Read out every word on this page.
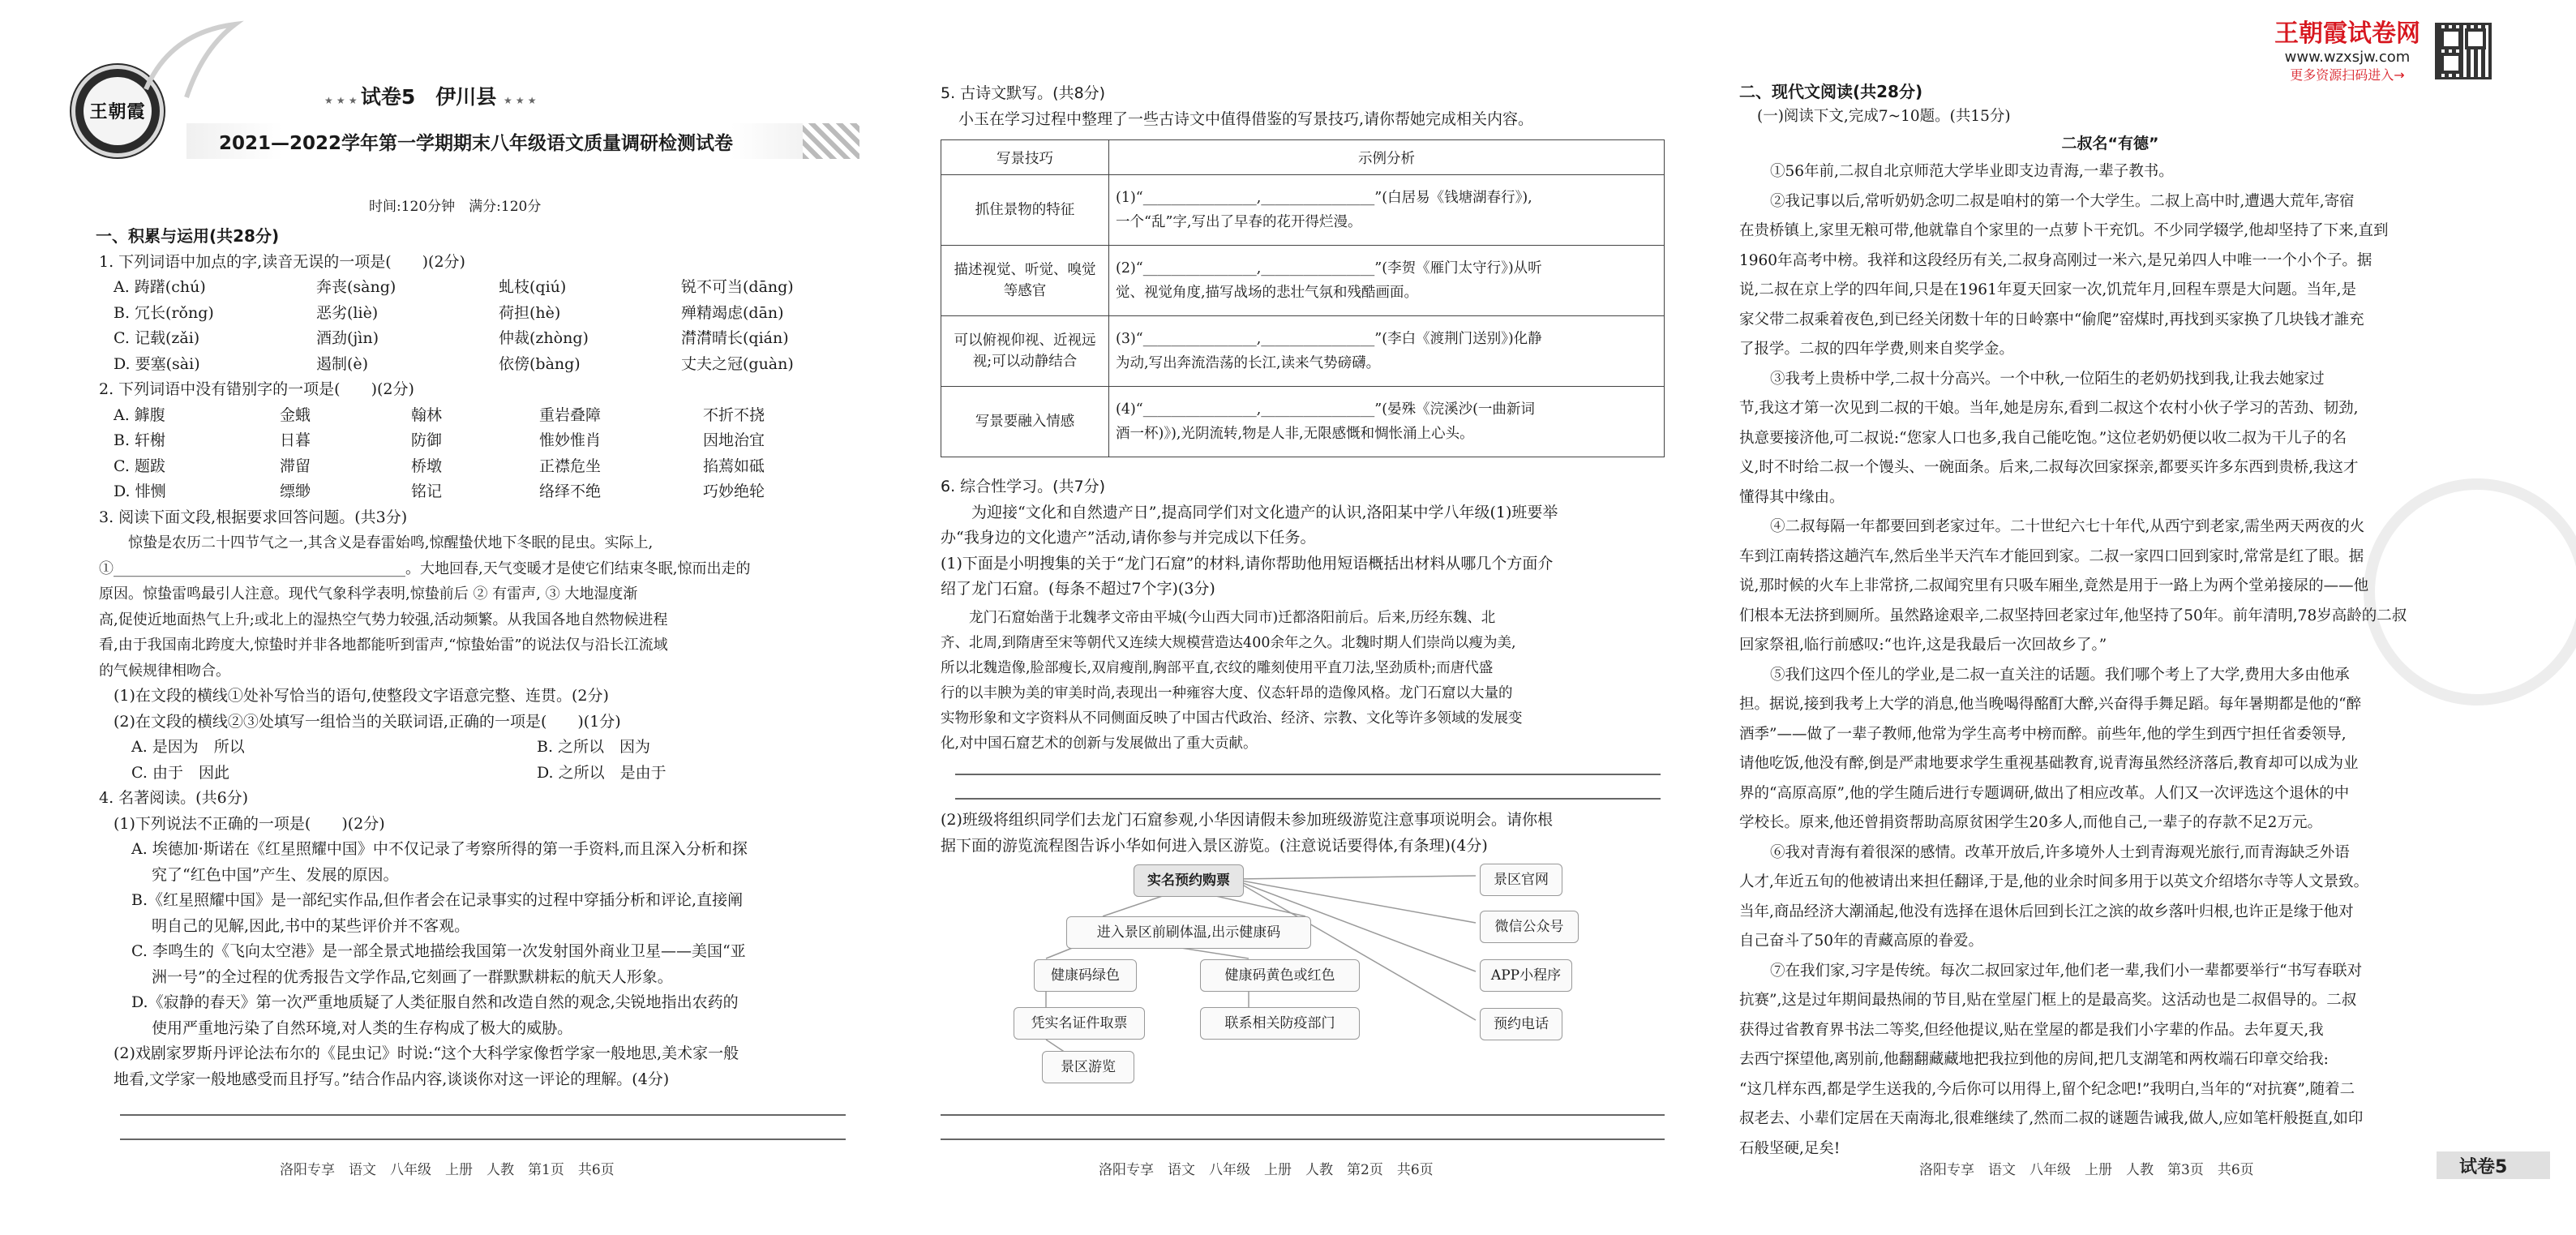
王朝霞
★ ★ ★ 试卷5　伊川县 ★ ★ ★
2021—2022学年第一学期期末八年级语文质量调研检测试卷
时间:120分钟　满分:120分
一、积累与运用(共28分)

1. 下列词语中加点的字,读音无误的一项是(　　)(2分)

A. 踌躇(chú)	奔丧(sàng)	虬枝(qiú)	锐不可当(dāng)
B. 冗长(rǒng)	恶劣(liè)	荷担(hè)	殚精竭虑(dān)
C. 记载(zǎi)	酒劲(jìn)	仲裁(zhòng)	潸潸晴长(qián)
D. 要塞(sài)	遏制(è)	依傍(bàng)	丈夫之冠(guàn)

2. 下列词语中没有错别字的一项是(　　)(2分)

A. 鎼腹	金蛾	翰林	重岩叠障	不折不挠
B. 轩榭	日暮	防御	惟妙惟肖	因地治宜
C. 题跋	滞留	桥墩	正襟危坐	掐蔫如砥
D. 悱恻	缥缈	铭记	络绎不绝	巧妙绝轮

3. 阅读下面文段,根据要求回答问题。(共3分)

　　惊蛰是农历二十四节气之一,其含义是春雷始鸣,惊醒蛰伏地下冬眠的昆虫。实际上,
①________________________________________。大地回春,天气变暖才是使它们结束冬眠,惊而出走的
原因。惊蛰雷鸣最引人注意。现代气象科学表明,惊蛰前后 ② 有雷声, ③ 大地湿度渐
高,促使近地面热气上升;或北上的湿热空气势力较强,活动频繁。从我国各地自然物候进程
看,由于我国南北跨度大,惊蛰时并非各地都能听到雷声,“惊蛰始雷”的说法仅与沿长江流域
的气候规律相吻合。

(1)在文段的横线①处补写恰当的语句,使整段文字语意完整、连贯。(2分)

(2)在文段的横线②③处填写一组恰当的关联词语,正确的一项是(　　)(1分)

A. 是因为　所以	B. 之所以　因为
C. 由于　因此	D. 之所以　是由于

4. 名著阅读。(共6分)

(1)下列说法不正确的一项是(　　)(2分)

A. 埃德加·斯诺在《红星照耀中国》中不仅记录了考察所得的第一手资料,而且深入分析和探
　 究了“红色中国”产生、发展的原因。
B.《红星照耀中国》是一部纪实作品,但作者会在记录事实的过程中穿插分析和评论,直接阐
　 明自己的见解,因此,书中的某些评价并不客观。
C. 李鸣生的《飞向太空港》是一部全景式地描绘我国第一次发射国外商业卫星——美国“亚
　 洲一号”的全过程的优秀报告文学作品,它刻画了一群默默耕耘的航天人形象。
D.《寂静的春天》第一次严重地质疑了人类征服自然和改造自然的观念,尖锐地指出农药的
　 使用严重地污染了自然环境,对人类的生存构成了极大的威胁。
(2)戏剧家罗斯丹评论法布尔的《昆虫记》时说:“这个大科学家像哲学家一般地思,美术家一般
地看,文学家一般地感受而且抒写。”结合作品内容,谈谈你对这一评论的理解。(4分)
洛阳专享　语文　八年级　上册　人教　第1页　共6页

5. 古诗文默写。(共8分)

小玉在学习过程中整理了一些古诗文中值得借鉴的写景技巧,请你帮她完成相关内容。

写景技巧	示例分析
抓住景物的特征	(1)“________________,________________”(白居易《钱塘湖春行》),
一个“乱”字,写出了早春的花开得烂漫。

描述视觉、听觉、嗅觉等感官	(2)“________________,________________”(李贺《雁门太守行》)从听
觉、视觉角度,描写战场的悲壮气氛和残酷画面。

可以俯视仰视、近视远视;可以动静结合	(3)“________________,________________”(李白《渡荆门送别》)化静
为动,写出奔流浩荡的长江,读来气势磅礴。

写景要融入情感	(4)“________________,________________”(晏殊《浣溪沙(一曲新词
酒一杯)》),光阴流转,物是人非,无限感慨和惆怅涌上心头。

6. 综合性学习。(共7分)

　　为迎接“文化和自然遗产日”,提高同学们对文化遗产的认识,洛阳某中学八年级(1)班要举
办“我身边的文化遗产”活动,请你参与并完成以下任务。
(1)下面是小明搜集的关于“龙门石窟”的材料,请你帮助他用短语概括出材料从哪几个方面介
绍了龙门石窟。(每条不超过7个字)(3分)
　　龙门石窟始凿于北魏孝文帝由平城(今山西大同市)迁都洛阳前后。后来,历经东魏、北
齐、北周,到隋唐至宋等朝代又连续大规模营造达400余年之久。北魏时期人们崇尚以瘦为美,
所以北魏造像,脸部瘦长,双肩瘦削,胸部平直,衣纹的雕刻使用平直刀法,坚劲质朴;而唐代盛
行的以丰腴为美的审美时尚,表现出一种雍容大度、仪态轩昂的造像风格。龙门石窟以大量的
实物形象和文字资料从不同侧面反映了中国古代政治、经济、宗教、文化等许多领域的发展变
化,对中国石窟艺术的创新与发展做出了重大贡献。
(2)班级将组织同学们去龙门石窟参观,小华因请假未参加班级游览注意事项说明会。请你根
据下面的游览流程图告诉小华如何进入景区游览。(注意说话要得体,有条理)(4分)
实名预约购票	景区官网
微信公众号
APP小程序
预约电话
进入景区前刷体温,出示健康码
健康码绿色	健康码黄色或红色
凭实名证件取票	联系相关防疫部门
景区游览
洛阳专享　语文　八年级　上册　人教　第2页　共6页
王朝霞试卷网
www.wzxsjw.com
更多资源扫码进入→
二、现代文阅读(共28分)
(一)阅读下文,完成7~10题。(共15分)
二叔名“有德”
①56年前,二叔自北京师范大学毕业即支边青海,一辈子教书。
②我记事以后,常听奶奶念叨二叔是咱村的第一个大学生。二叔上高中时,遭遇大荒年,寄宿
在贵桥镇上,家里无粮可带,他就靠自个家里的一点萝卜干充饥。不少同学辍学,他却坚持了下来,直到
1960年高考中榜。我祥和这段经历有关,二叔身高刚过一米六,是兄弟四人中唯一一个小个子。据
说,二叔在京上学的四年间,只是在1961年夏天回家一次,饥荒年月,回程车票是大问题。当年,是
家父带二叔乘着夜色,到已经关闭数十年的日岭寨中“偷爬”窑煤时,再找到买家换了几块钱才誰充
了报学。二叔的四年学费,则来自奖学金。
③我考上贵桥中学,二叔十分高兴。一个中秋,一位陌生的老奶奶找到我,让我去她家过
节,我这才第一次见到二叔的干娘。当年,她是房东,看到二叔这个农村小伙子学习的苦劲、韧劲,
执意要接济他,可二叔说:“您家人口也多,我自己能吃饱。”这位老奶奶便以收二叔为干儿子的名
义,时不时给二叔一个馒头、一碗面条。后来,二叔每次回家探亲,都要买许多东西到贵桥,我这才
懂得其中缘由。
④二叔每隔一年都要回到老家过年。二十世纪六七十年代,从西宁到老家,需坐两天两夜的火
车到江南转搭这趟汽车,然后坐半天汽车才能回到家。二叔一家四口回到家时,常常是红了眼。据
说,那时候的火车上非常挤,二叔闻究里有只吸车厢坐,竟然是用于一路上为两个堂弟接尿的——他
们根本无法挤到厕所。虽然路途艰辛,二叔坚持回老家过年,他坚持了50年。前年清明,78岁高龄的二叔
回家祭祖,临行前感叹:“也许,这是我最后一次回故乡了。”
⑤我们这四个侄儿的学业,是二叔一直关注的话题。我们哪个考上了大学,费用大多由他承
担。据说,接到我考上大学的消息,他当晚喝得酩酊大醉,兴奋得手舞足蹈。每年暑期都是他的“醉
酒季”——做了一辈子教师,他常为学生高考中榜而醉。前些年,他的学生到西宁担任省委领导,
请他吃饭,他没有醉,倒是严肃地要求学生重视基础教育,说青海虽然经济落后,教育却可以成为业
界的“高原高原”,他的学生随后进行专题调研,做出了相应改革。人们又一次评选这个退休的中
学校长。原来,他还曾捐资帮助高原贫困学生20多人,而他自己,一辈子的存款不足2万元。
⑥我对青海有着很深的感情。改革开放后,许多境外人士到青海观光旅行,而青海缺乏外语
人才,年近五旬的他被请出来担任翻译,于是,他的业余时间多用于以英文介绍塔尔寺等人文景致。
当年,商品经济大潮涌起,他没有选择在退休后回到长江之滨的故乡落叶归根,也许正是缘于他对
自己奋斗了50年的青藏高原的眷爱。
⑦在我们家,习字是传统。每次二叔回家过年,他们老一辈,我们小一辈都要举行“书写春联对
抗赛”,这是过年期间最热闹的节目,贴在堂屋门框上的是最高奖。这活动也是二叔倡导的。二叔
获得过省教育界书法二等奖,但经他提议,贴在堂屋的都是我们小字辈的作品。去年夏天,我
去西宁探望他,离别前,他翻翻藏藏地把我拉到他的房间,把几支湖笔和两枚端石印章交给我:
“这几样东西,都是学生送我的,今后你可以用得上,留个纪念吧!”我明白,当年的“对抗赛”,随着二
叔老去、小辈们定居在天南海北,很难继续了,然而二叔的谜题告诫我,做人,应如笔杆般挺直,如印
石般坚硬,足矣!
洛阳专享　语文　八年级　上册　人教　第3页　共6页	试卷5
